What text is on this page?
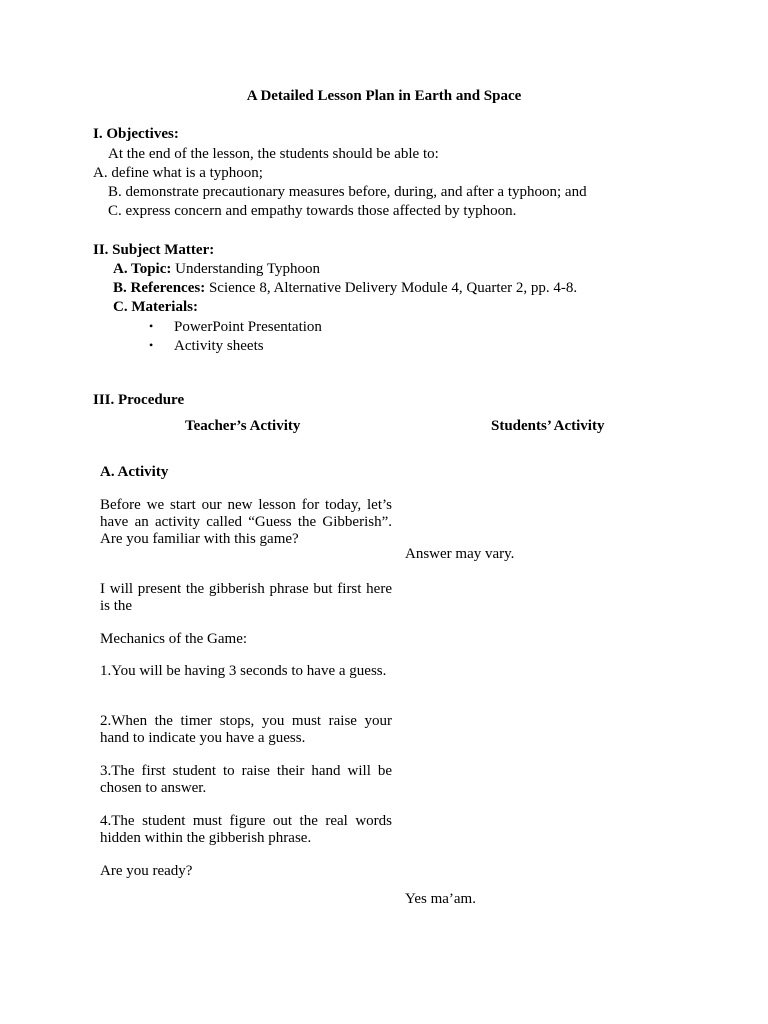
A Detailed Lesson Plan in Earth and Space
I. Objectives:
At the end of the lesson, the students should be able to:
A. define what is a typhoon;
B. demonstrate precautionary measures before, during, and after a typhoon; and
C. express concern and empathy towards those affected by typhoon.
II. Subject Matter:
A. Topic: Understanding Typhoon
B. References: Science 8, Alternative Delivery Module 4, Quarter 2, pp. 4-8.
C. Materials:
• PowerPoint Presentation
• Activity sheets
III. Procedure
Teacher’s Activity	Students’ Activity
A. Activity
Before we start our new lesson for today, let’s have an activity called “Guess the Gibberish”. Are you familiar with this game?
I will present the gibberish phrase but first here is the
Mechanics of the Game:
1.You will be having 3 seconds to have a guess.
2.When the timer stops, you must raise your hand to indicate you have a guess.
3.The first student to raise their hand will be chosen to answer.
4.The student must figure out the real words hidden within the gibberish phrase.
Are you ready?
Answer may vary.
Yes ma’am.
